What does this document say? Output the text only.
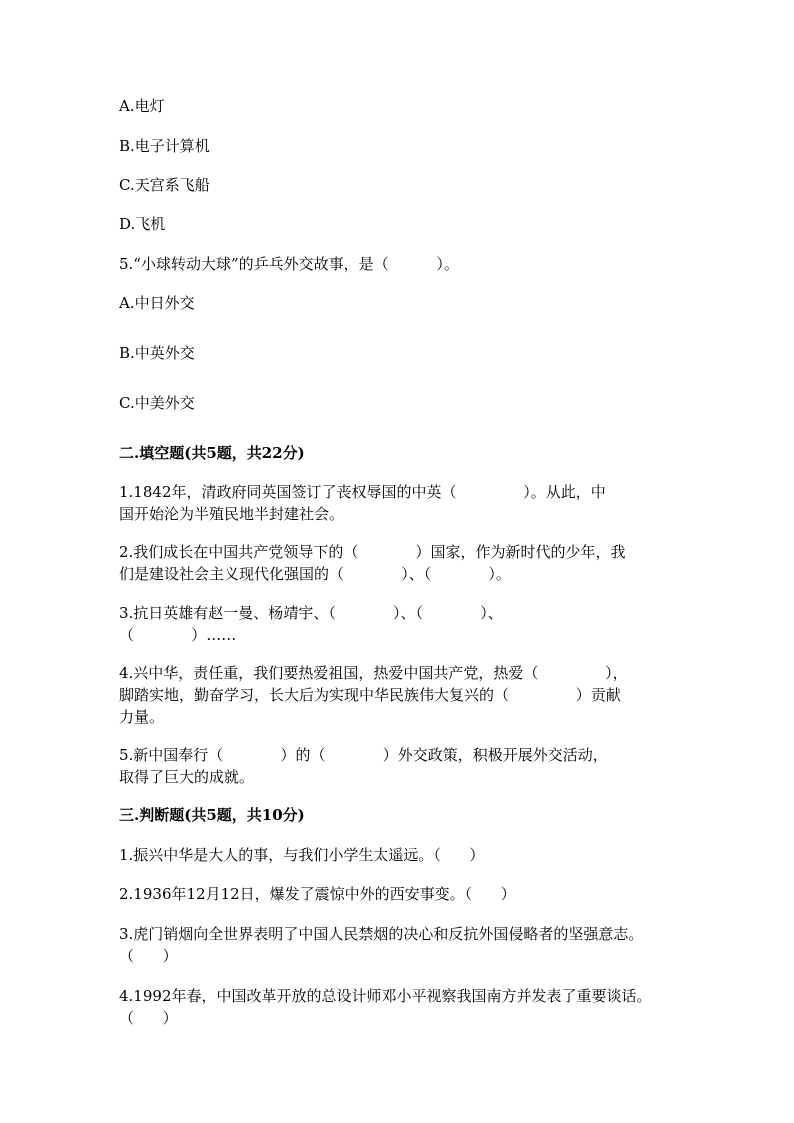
A.电灯
B.电子计算机
C.天宫系飞船
D.飞机
5.“小球转动大球”的乒乓外交故事，是（          ）。
A.中日外交
B.中英外交
C.中美外交
二.填空题(共5题，共22分)
1.1842年，清政府同英国签订了丧权辱国的中英（              ）。从此，中
国开始沦为半殖民地半封建社会。
2.我们成长在中国共产党领导下的（            ）国家，作为新时代的少年，我
们是建设社会主义现代化强国的（            ）、（            ）。
3.抗日英雄有赵一曼、杨靖宇、（            ）、（            ）、
（            ）……
4.兴中华，责任重，我们要热爱祖国，热爱中国共产党，热爱（              ），
脚踏实地，勤奋学习，长大后为实现中华民族伟大复兴的（              ）贡献
力量。
5.新中国奉行（            ）的（            ）外交政策，积极开展外交活动，
取得了巨大的成就。
三.判断题(共5题，共10分)
1.振兴中华是大人的事，与我们小学生太遥远。（      ）
2.1936年12月12日，爆发了震惊中外的西安事变。（      ）
3.虎门销烟向全世界表明了中国人民禁烟的决心和反抗外国侵略者的坚强意志。
（      ）
4.1992年春，中国改革开放的总设计师邓小平视察我国南方并发表了重要谈话。
（      ）
